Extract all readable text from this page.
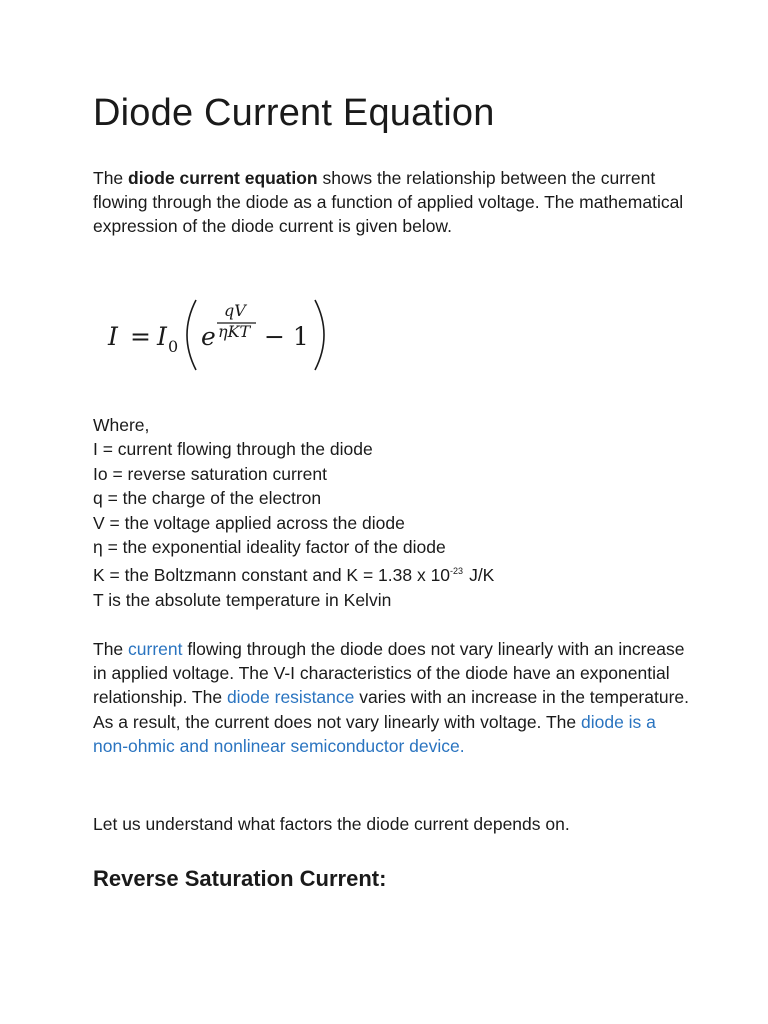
Diode Current Equation

The diode current equation shows the relationship between the current flowing through the diode as a function of applied voltage. The mathematical expression of the diode current is given below.

I = I 0 e
qV
ηKT − 1
Where,
I = current flowing through the diode
Io = reverse saturation current
q = the charge of the electron
V = the voltage applied across the diode
η = the exponential ideality factor of the diode
K = the Boltzmann constant and K = 1.38 x $10^{-23}$ J/K
T is the absolute temperature in Kelvin

The current flowing through the diode does not vary linearly with an increase in applied voltage. The V-I characteristics of the diode have an exponential relationship. The diode resistance varies with an increase in the temperature. As a result, the current does not vary linearly with voltage. The diode is a non-ohmic and nonlinear semiconductor device.

Let us understand what factors the diode current depends on.

Reverse Saturation Current:
